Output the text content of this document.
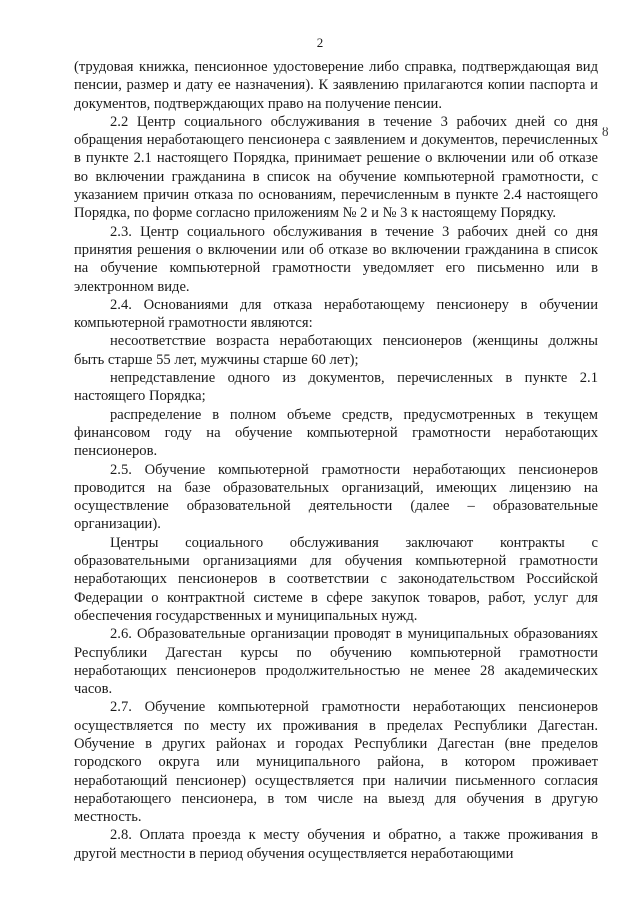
2
ȣ

(трудовая книжка, пенсионное удостоверение либо справка, подтверждающая вид пенсии, размер и дату ее назначения). К заявлению прилагаются копии паспорта и документов, подтверждающих право на получение пенсии.

2.2 Центр социального обслуживания в течение 3 рабочих дней со дня обращения неработающего пенсионера с заявлением и документов, перечисленных в пункте 2.1 настоящего Порядка, принимает решение о включении или об отказе во включении гражданина в список на обучение компьютерной грамотности, с указанием причин отказа по основаниям, перечисленным в пункте 2.4 настоящего Порядка, по форме согласно приложениям № 2 и № 3 к настоящему Порядку.

2.3. Центр социального обслуживания в течение 3 рабочих дней со дня принятия решения о включении или об отказе во включении гражданина в список на обучение компьютерной грамотности уведомляет его письменно или в электронном виде.

2.4. Основаниями для отказа неработающему пенсионеру в обучении компьютерной грамотности являются:

несоответствие возраста неработающих пенсионеров (женщины должны быть старше 55 лет, мужчины старше 60 лет);

непредставление одного из документов, перечисленных в пункте 2.1 настоящего Порядка;

распределение в полном объеме средств, предусмотренных в текущем финансовом году на обучение компьютерной грамотности неработающих пенсионеров.

2.5. Обучение компьютерной грамотности неработающих пенсионеров проводится на базе образовательных организаций, имеющих лицензию на осуществление образовательной деятельности (далее – образовательные организации).

Центры социального обслуживания заключают контракты с образовательными организациями для обучения компьютерной грамотности неработающих пенсионеров в соответствии с законодательством Российской Федерации о контрактной системе в сфере закупок товаров, работ, услуг для обеспечения государственных и муниципальных нужд.

2.6. Образовательные организации проводят в муниципальных образованиях Республики Дагестан курсы по обучению компьютерной грамотности неработающих пенсионеров продолжительностью не менее 28 академических часов.

2.7. Обучение компьютерной грамотности неработающих пенсионеров осуществляется по месту их проживания в пределах Республики Дагестан. Обучение в других районах и городах Республики Дагестан (вне пределов городского округа или муниципального района, в котором проживает неработающий пенсионер) осуществляется при наличии письменного согласия неработающего пенсионера, в том числе на выезд для обучения в другую местность.

2.8. Оплата проезда к месту обучения и обратно, а также проживания в другой местности в период обучения осуществляется неработающими
